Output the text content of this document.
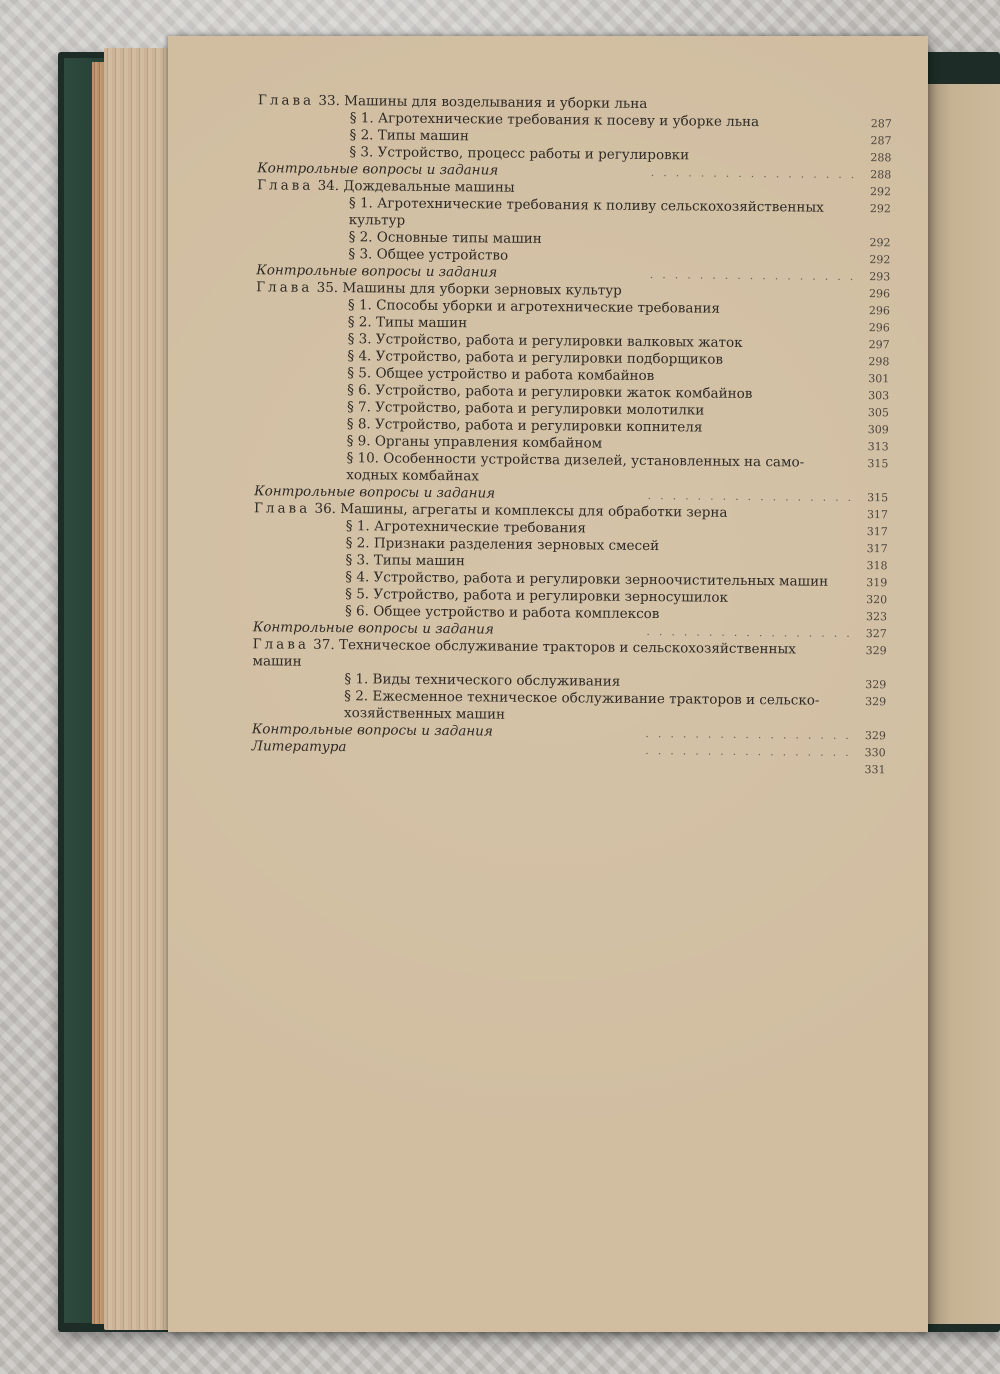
Глава 33. Машины для возделывания и уборки льна
§ 1. Агротехнические требования к посеву и уборке льна	287
§ 2. Типы машин	287
§ 3. Устройство, процесс работы и регулировки	288
Контрольные вопросы и задания	................. 288
Глава 34. Дождевальные машины	292
§ 1. Агротехнические требования к поливу сельскохозяйственных	292
культур
§ 2. Основные типы машин	292
§ 3. Общее устройство	292
Контрольные вопросы и задания	................. 293
Глава 35. Машины для уборки зерновых культур	296
§ 1. Способы уборки и агротехнические требования	296
§ 2. Типы машин	296
§ 3. Устройство, работа и регулировки валковых жаток	297
§ 4. Устройство, работа и регулировки подборщиков	298
§ 5. Общее устройство и работа комбайнов	301
§ 6. Устройство, работа и регулировки жаток комбайнов	303
§ 7. Устройство, работа и регулировки молотилки	305
§ 8. Устройство, работа и регулировки копнителя	309
§ 9. Органы управления комбайном	313
§ 10. Особенности устройства дизелей, установленных на само-	315
ходных комбайнах
Контрольные вопросы и задания	................. 315
Глава 36. Машины, агрегаты и комплексы для обработки зерна	317
§ 1. Агротехнические требования	317
§ 2. Признаки разделения зерновых смесей	317
§ 3. Типы машин	318
§ 4. Устройство, работа и регулировки зерноочистительных машин	319
§ 5. Устройство, работа и регулировки зерносушилок	320
§ 6. Общее устройство и работа комплексов	323
Контрольные вопросы и задания	................. 327
Глава 37. Техническое обслуживание тракторов и сельскохозяйственных	329
машин
§ 1. Виды технического обслуживания	329
§ 2. Ежесменное техническое обслуживание тракторов и сельско-	329
хозяйственных машин
Контрольные вопросы и задания	................. 329
Литература	................. 330
331
